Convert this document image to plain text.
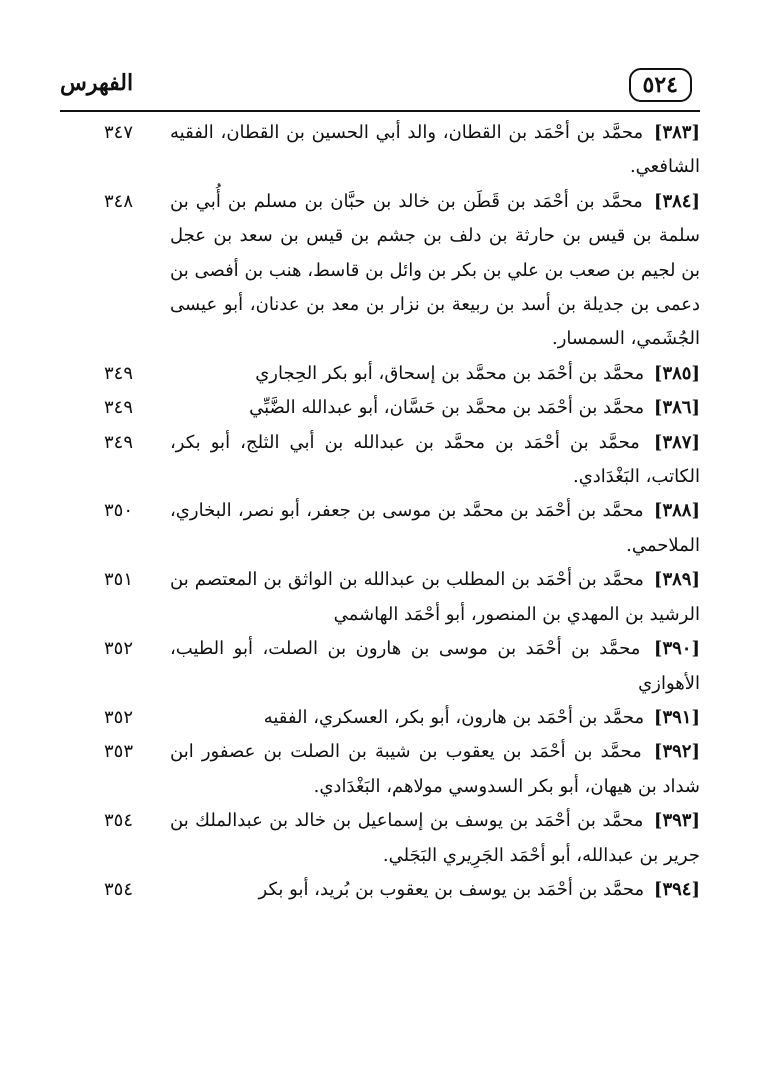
الفهرس	٥٢٤
[٣٨٣] محمَّد بن أحْمَد بن القطان، والد أبي الحسين بن القطان، الفقيه الشافعي.
٣٤٧
[٣٨٤] محمَّد بن أحْمَد بن قَطَن بن خالد بن حبَّان بن مسلم بن أُبي بن سلمة بن قيس بن حارثة بن دلف بن جشم بن قيس بن سعد بن عجل بن لجيم بن صعب بن علي بن بكر بن وائل بن قاسط، هنب بن أفصى بن دعمى بن جديلة بن أسد بن ربيعة بن نزار بن معد بن عدنان، أبو عيسى الجُشَمي، السمسار.
٣٤٨
[٣٨٥] محمَّد بن أحْمَد بن محمَّد بن إسحاق، أبو بكر الحِجاري
٣٤٩
[٣٨٦] محمَّد بن أحْمَد بن محمَّد بن حَسَّان، أبو عبدالله الضَّبِّي
٣٤٩
[٣٨٧] محمَّد بن أحْمَد بن محمَّد بن عبدالله بن أبي الثلج، أبو بكر، الكاتب، البَغْدَادي.
٣٤٩
[٣٨٨] محمَّد بن أحْمَد بن محمَّد بن موسى بن جعفر، أبو نصر، البخاري، الملاحمي.
٣٥٠
[٣٨٩] محمَّد بن أحْمَد بن المطلب بن عبدالله بن الواثق بن المعتصم بن الرشيد بن المهدي بن المنصور، أبو أحْمَد الهاشمي
٣٥١
[٣٩٠] محمَّد بن أحْمَد بن موسى بن هارون بن الصلت، أبو الطيب، الأهوازي
٣٥٢
[٣٩١] محمَّد بن أحْمَد بن هارون، أبو بكر، العسكري، الفقيه
٣٥٢
[٣٩٢] محمَّد بن أحْمَد بن يعقوب بن شيبة بن الصلت بن عصفور ابن شداد بن هيهان، أبو بكر السدوسي مولاهم، البَغْدَادي.
٣٥٣
[٣٩٣] محمَّد بن أحْمَد بن يوسف بن إسماعيل بن خالد بن عبدالملك بن جرير بن عبدالله، أبو أحْمَد الجَرِيري البَجَلي.
٣٥٤
[٣٩٤] محمَّد بن أحْمَد بن يوسف بن يعقوب بن بُريد، أبو بكر
٣٥٤
